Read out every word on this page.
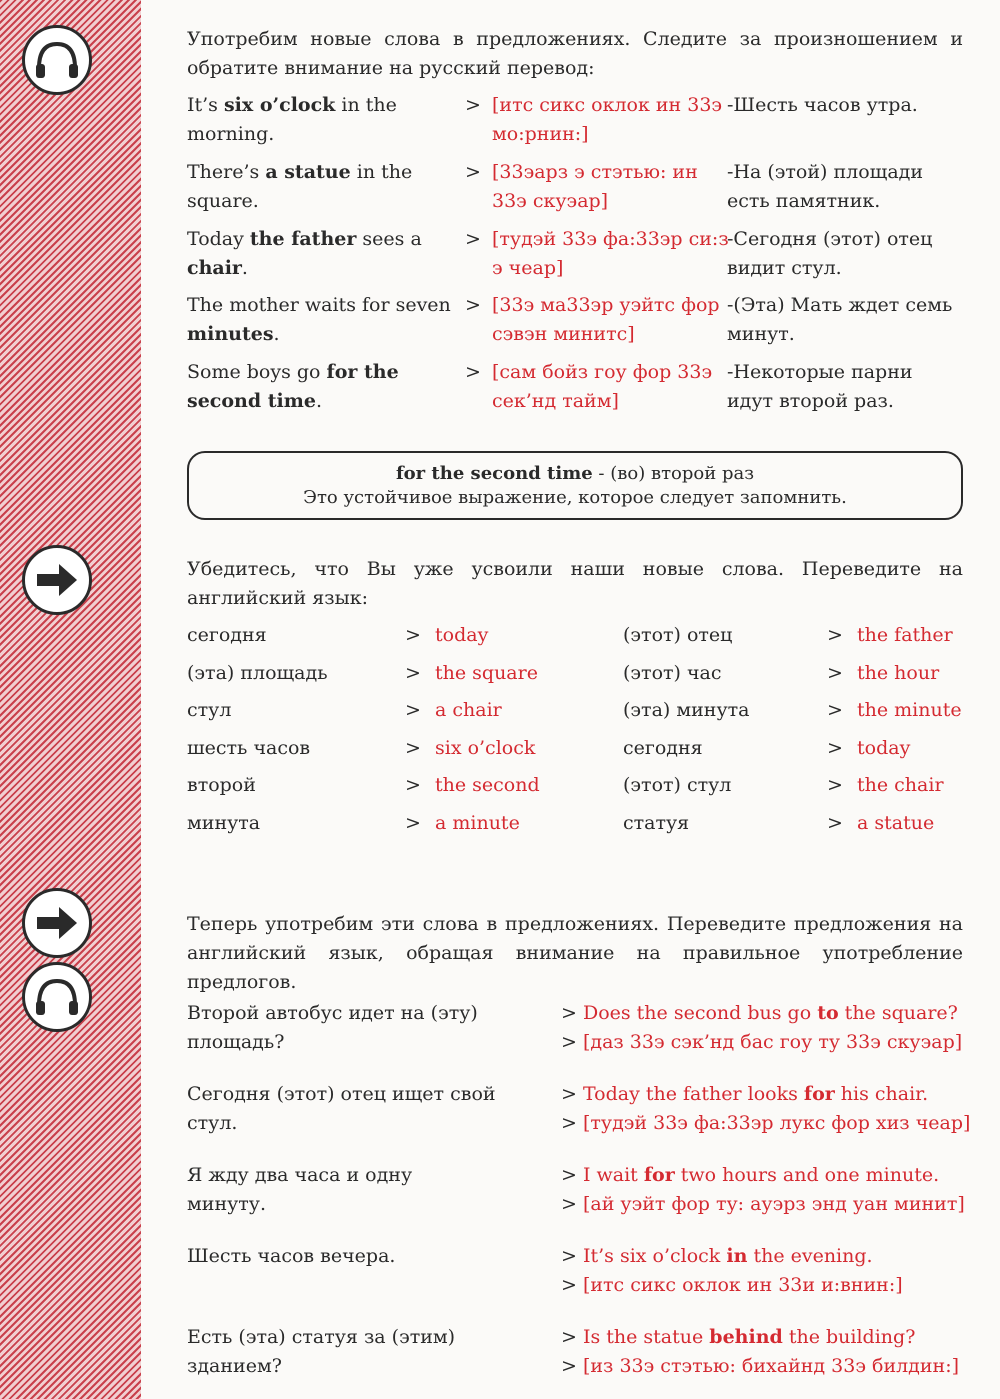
Употребим новые слова в предложениях. Следите за произношением и обратите внимание на русский перевод:

It’s six o’clock in the morning.
> [итс сикс оклок ин 33э мо:рнин:]
-Шесть часов утра.
There’s a statue in the square.
> [33эарз э стэтью: ин 33э скуэар]
-На (этой) площади есть памятник.
Today the father sees a chair.
> [тудэй 33э фа:33эр си:з э чеар]
-Сегодня (этот) отец видит стул.
The mother waits for seven minutes.
> [33э ма33эр уэйтс фор сэвэн минитс]
-(Эта) Мать ждет семь минут.
Some boys go for the second time.
> [сам бойз гоу фор 33э сек’нд тайм]
-Некоторые парни идут второй раз.
for the second time - (во) второй раз
Это устойчивое выражение, которое следует запомнить.

Убедитесь, что Вы уже усвоили наши новые слова. Переведите на английский язык:

сегодня	> today	(этот) отец	> the father
(эта) площадь	> the square	(этот) час	> the hour
стул	> a chair	(эта) минута	> the minute
шесть часов	> six o’clock	сегодня	> today
второй	> the second	(этот) стул	> the chair
минута	> a minute	статуя	> a statue

Теперь употребим эти слова в предложениях. Переведите предложения на английский язык, обращая внимание на правильное употребление предлогов.

Второй автобус идет на (эту) площадь?
> Does the second bus go to the square?
> [даз 33э сэк’нд бас гоу ту 33э скуэар]
Сегодня (этот) отец ищет свой стул.
> Today the father looks for his chair.
> [тудэй 33э фа:33эр лукс фор хиз чеар]
Я жду два часа и одну минуту.
> I wait for two hours and one minute.
> [ай уэйт фор ту: ауэрз энд уан минит]
Шесть часов вечера.	> It’s six o’clock in the evening.
> [итс сикс оклок ин 33и и:внин:]
Есть (эта) статуя за (этим) зданием?
> Is the statue behind the building?
> [из 33э стэтью: бихайнд 33э билдин:]
